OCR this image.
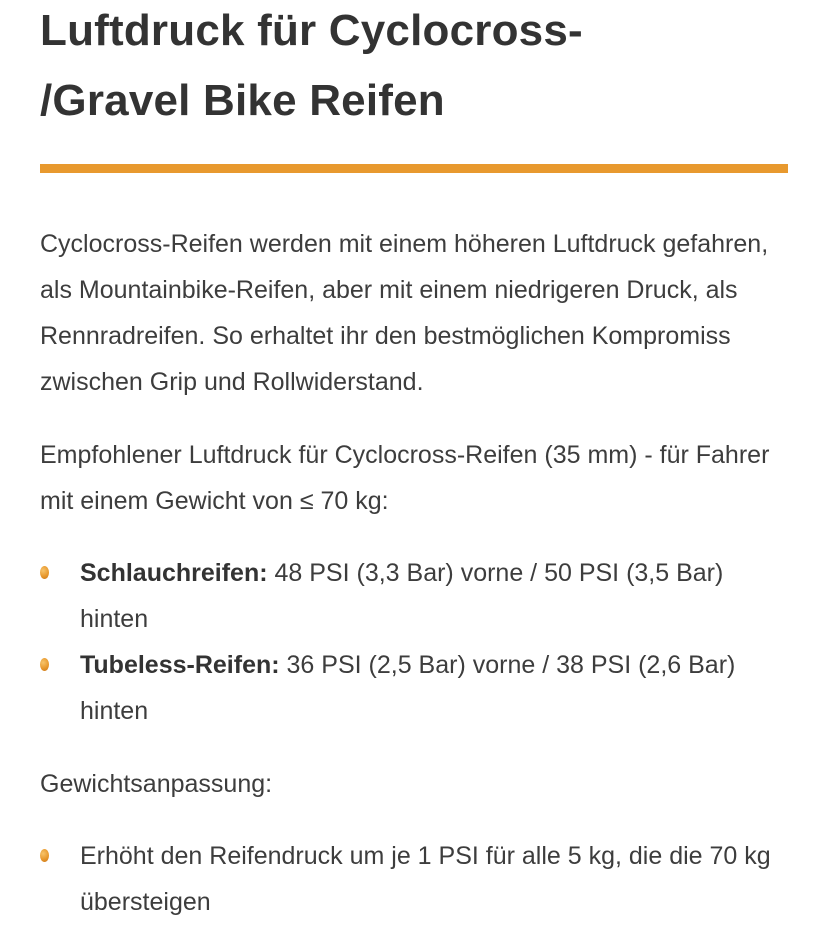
Luftdruck für Cyclocross-
/Gravel Bike Reifen

Cyclocross-Reifen werden mit einem höheren Luftdruck gefahren, als Mountainbike-Reifen, aber mit einem niedrigeren Druck, als Rennradreifen. So erhaltet ihr den bestmöglichen Kompromiss zwischen Grip und Rollwiderstand.

Empfohlener Luftdruck für Cyclocross-Reifen (35 mm) - für Fahrer mit einem Gewicht von ≤ 70 kg:

Schlauchreifen: 48 PSI (3,3 Bar) vorne / 50 PSI (3,5 Bar) hinten
Tubeless-Reifen: 36 PSI (2,5 Bar) vorne / 38 PSI (2,6 Bar) hinten

Gewichtsanpassung:

Erhöht den Reifendruck um je 1 PSI für alle 5 kg, die die 70 kg übersteigen
